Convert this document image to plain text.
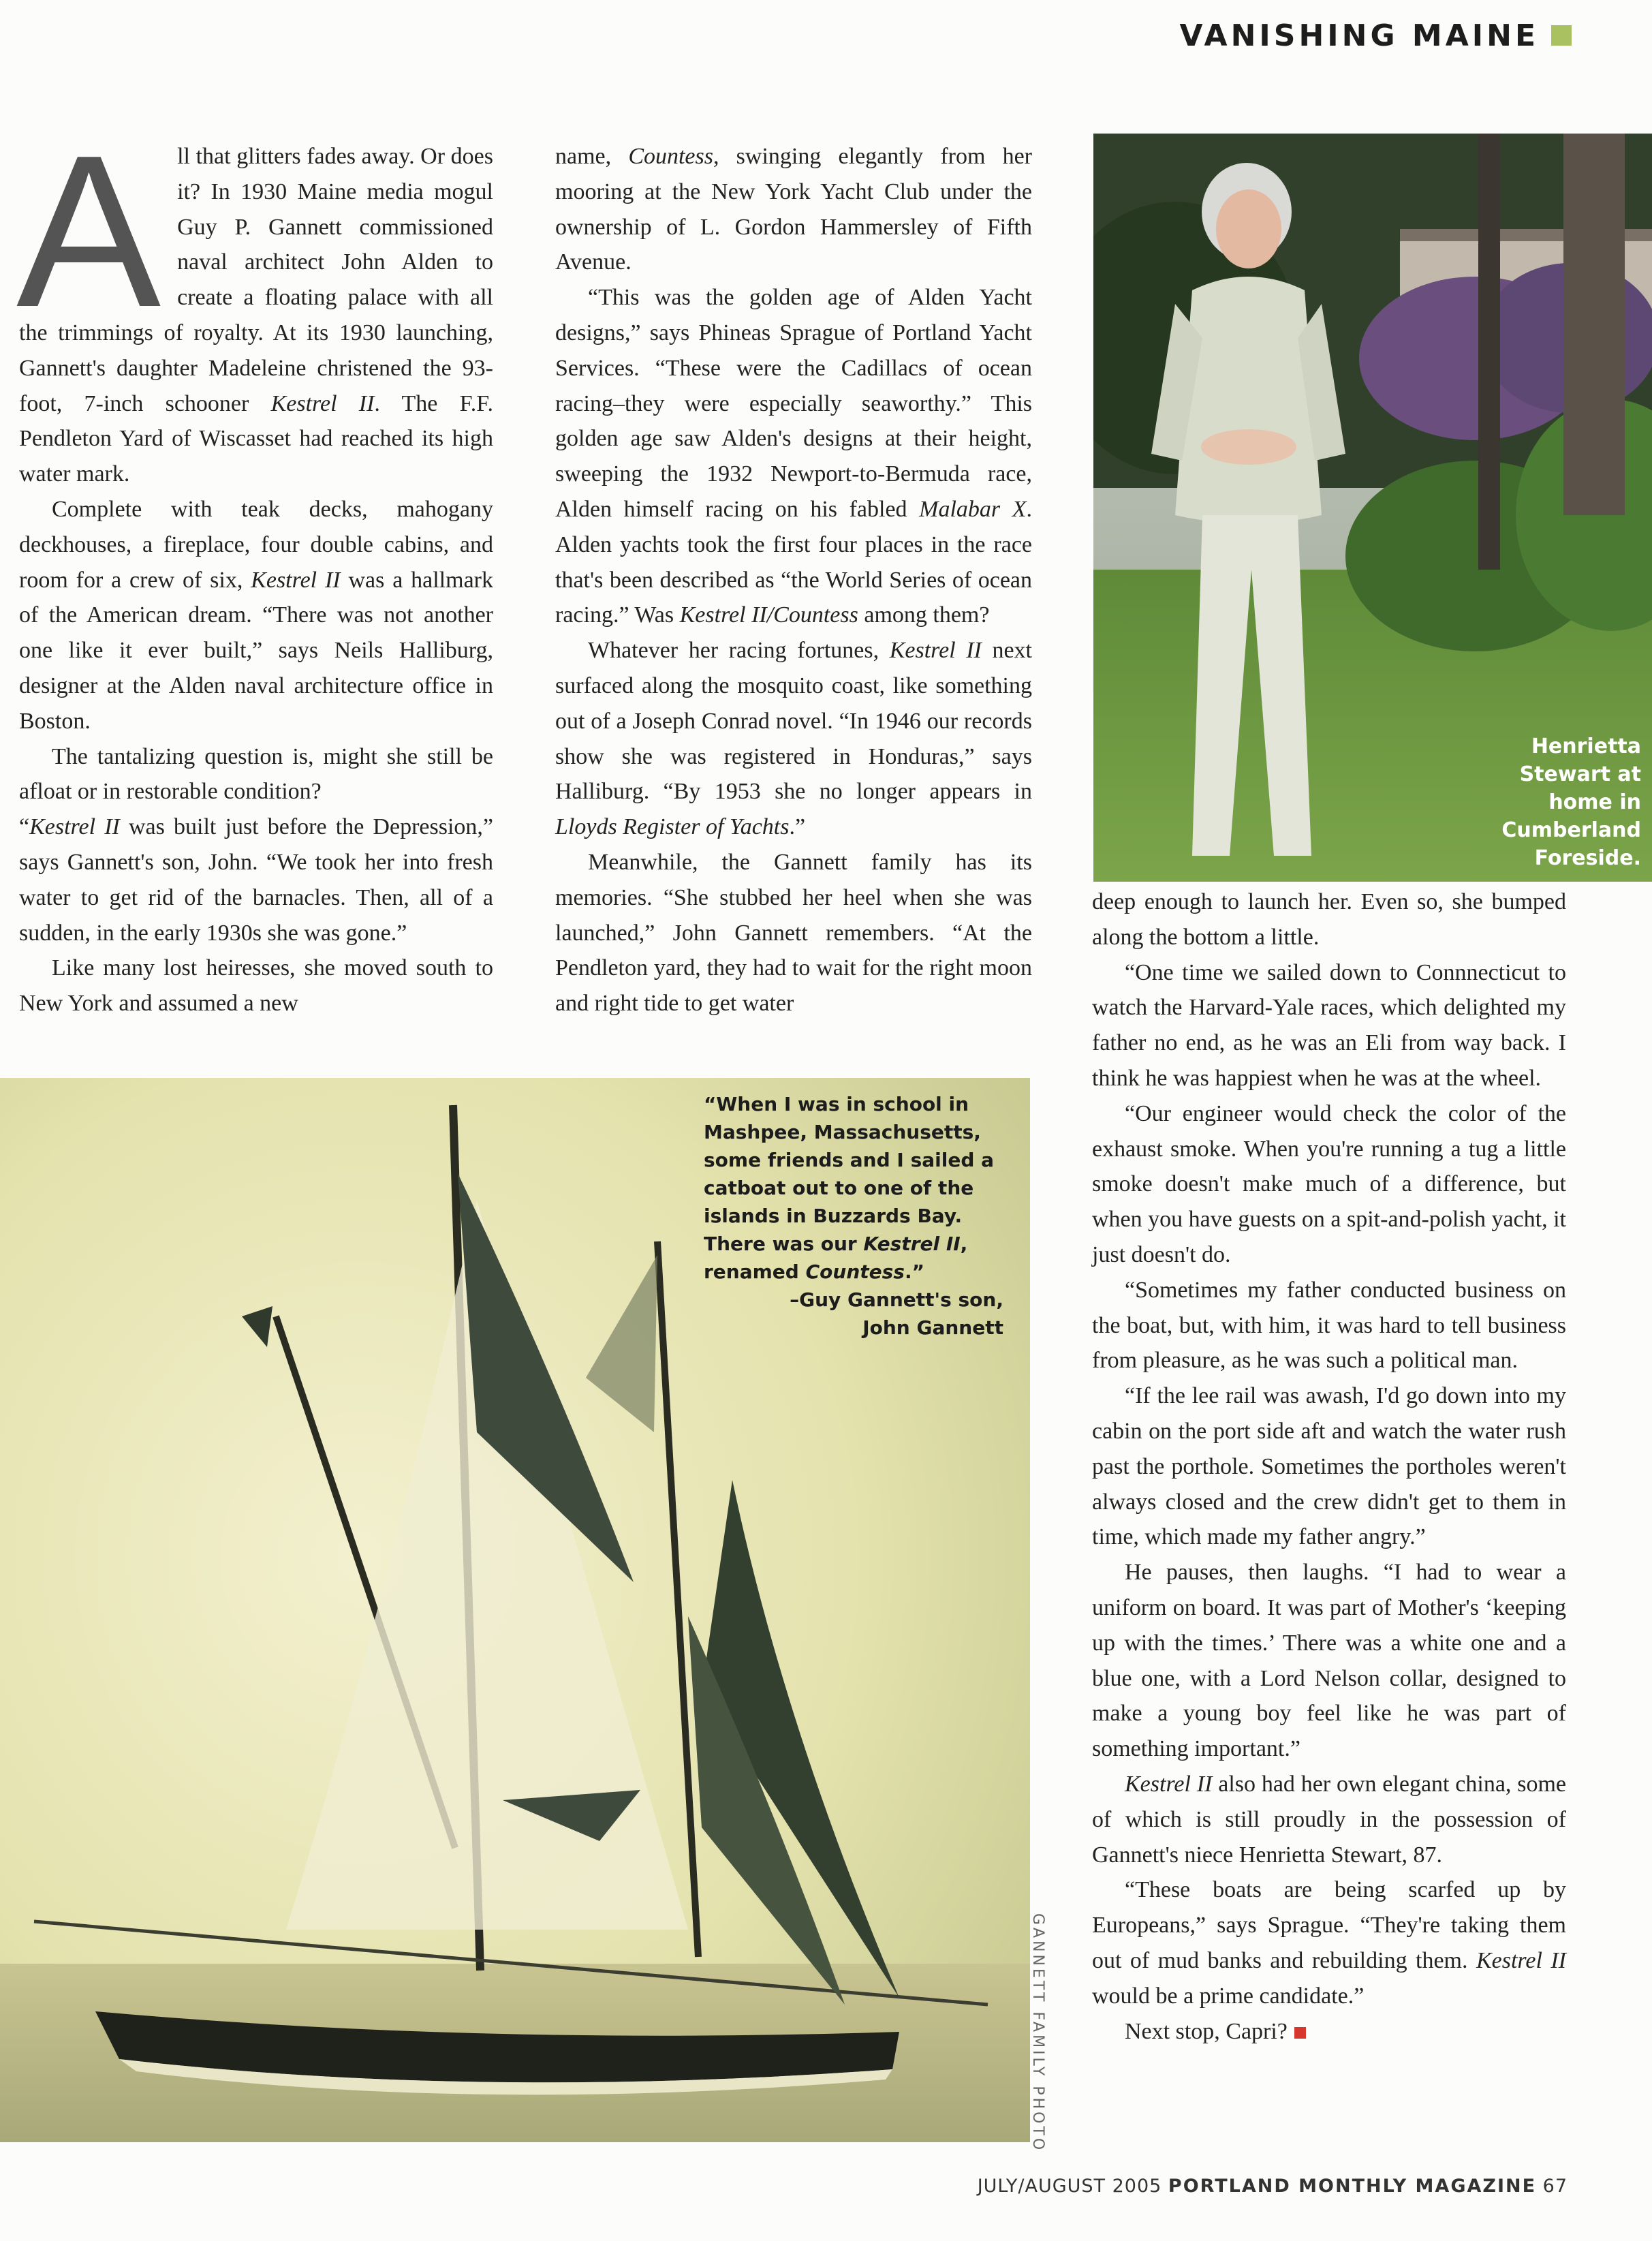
VANISHING MAINE

All that glitters fades away. Or does it? In 1930 Maine media mogul Guy P. Gannett commissioned naval architect John Alden to create a floating palace with all the trimmings of royalty. At its 1930 launching, Gannett's daughter Madeleine christened the 93-foot, 7-inch schooner Kestrel II. The F.F. Pendleton Yard of Wiscasset had reached its high water mark.

Complete with teak decks, mahogany deckhouses, a fireplace, four double cabins, and room for a crew of six, Kestrel II was a hallmark of the American dream. “There was not another one like it ever built,” says Neils Halliburg, designer at the Alden naval architecture office in Boston.

The tantalizing question is, might she still be afloat or in restorable condition?

“Kestrel II was built just before the Depression,” says Gannett's son, John. “We took her into fresh water to get rid of the barnacles. Then, all of a sudden, in the early 1930s she was gone.”

Like many lost heiresses, she moved south to New York and assumed a new

name, Countess, swinging elegantly from her mooring at the New York Yacht Club under the ownership of L. Gordon Hammersley of Fifth Avenue.

“This was the golden age of Alden Yacht designs,” says Phineas Sprague of Portland Yacht Services. “These were the Cadillacs of ocean racing–they were especially seaworthy.” This golden age saw Alden's designs at their height, sweeping the 1932 Newport-to-Bermuda race, Alden himself racing on his fabled Malabar X. Alden yachts took the first four places in the race that's been described as “the World Series of ocean racing.” Was Kestrel II/Countess among them?

Whatever her racing fortunes, Kestrel II next surfaced along the mosquito coast, like something out of a Joseph Conrad novel. “In 1946 our records show she was registered in Honduras,” says Halliburg. “By 1953 she no longer appears in Lloyds Register of Yachts.”

Meanwhile, the Gannett family has its memories. “She stubbed her heel when she was launched,” John Gannett remembers. “At the Pendleton yard, they had to wait for the right moon and right tide to get water

Henrietta
Stewart at
home in
Cumberland
Foreside.

deep enough to launch her. Even so, she bumped along the bottom a little.

“One time we sailed down to Connnecticut to watch the Harvard-Yale races, which delighted my father no end, as he was an Eli from way back. I think he was happiest when he was at the wheel.

“Our engineer would check the color of the exhaust smoke. When you're running a tug a little smoke doesn't make much of a difference, but when you have guests on a spit-and-polish yacht, it just doesn't do.

“Sometimes my father conducted business on the boat, but, with him, it was hard to tell business from pleasure, as he was such a political man.

“If the lee rail was awash, I'd go down into my cabin on the port side aft and watch the water rush past the porthole. Sometimes the portholes weren't always closed and the crew didn't get to them in time, which made my father angry.”

He pauses, then laughs. “I had to wear a uniform on board. It was part of Mother's ‘keeping up with the times.’ There was a white one and a blue one, with a Lord Nelson collar, designed to make a young boy feel like he was part of something important.”

Kestrel II also had her own elegant china, some of which is still proudly in the possession of Gannett's niece Henrietta Stewart, 87.

“These boats are being scarfed up by Europeans,” says Sprague. “They're taking them out of mud banks and rebuilding them. Kestrel II would be a prime candidate.”

Next stop, Capri?

“When I was in school in Mashpee, Massachusetts, some friends and I sailed a catboat out to one of the islands in Buzzards Bay. There was our Kestrel II, renamed Countess.”
–Guy Gannett's son,
John Gannett
GANNETT FAMILY PHOTO
JULY/AUGUST 2005 PORTLAND MONTHLY MAGAZINE 67
